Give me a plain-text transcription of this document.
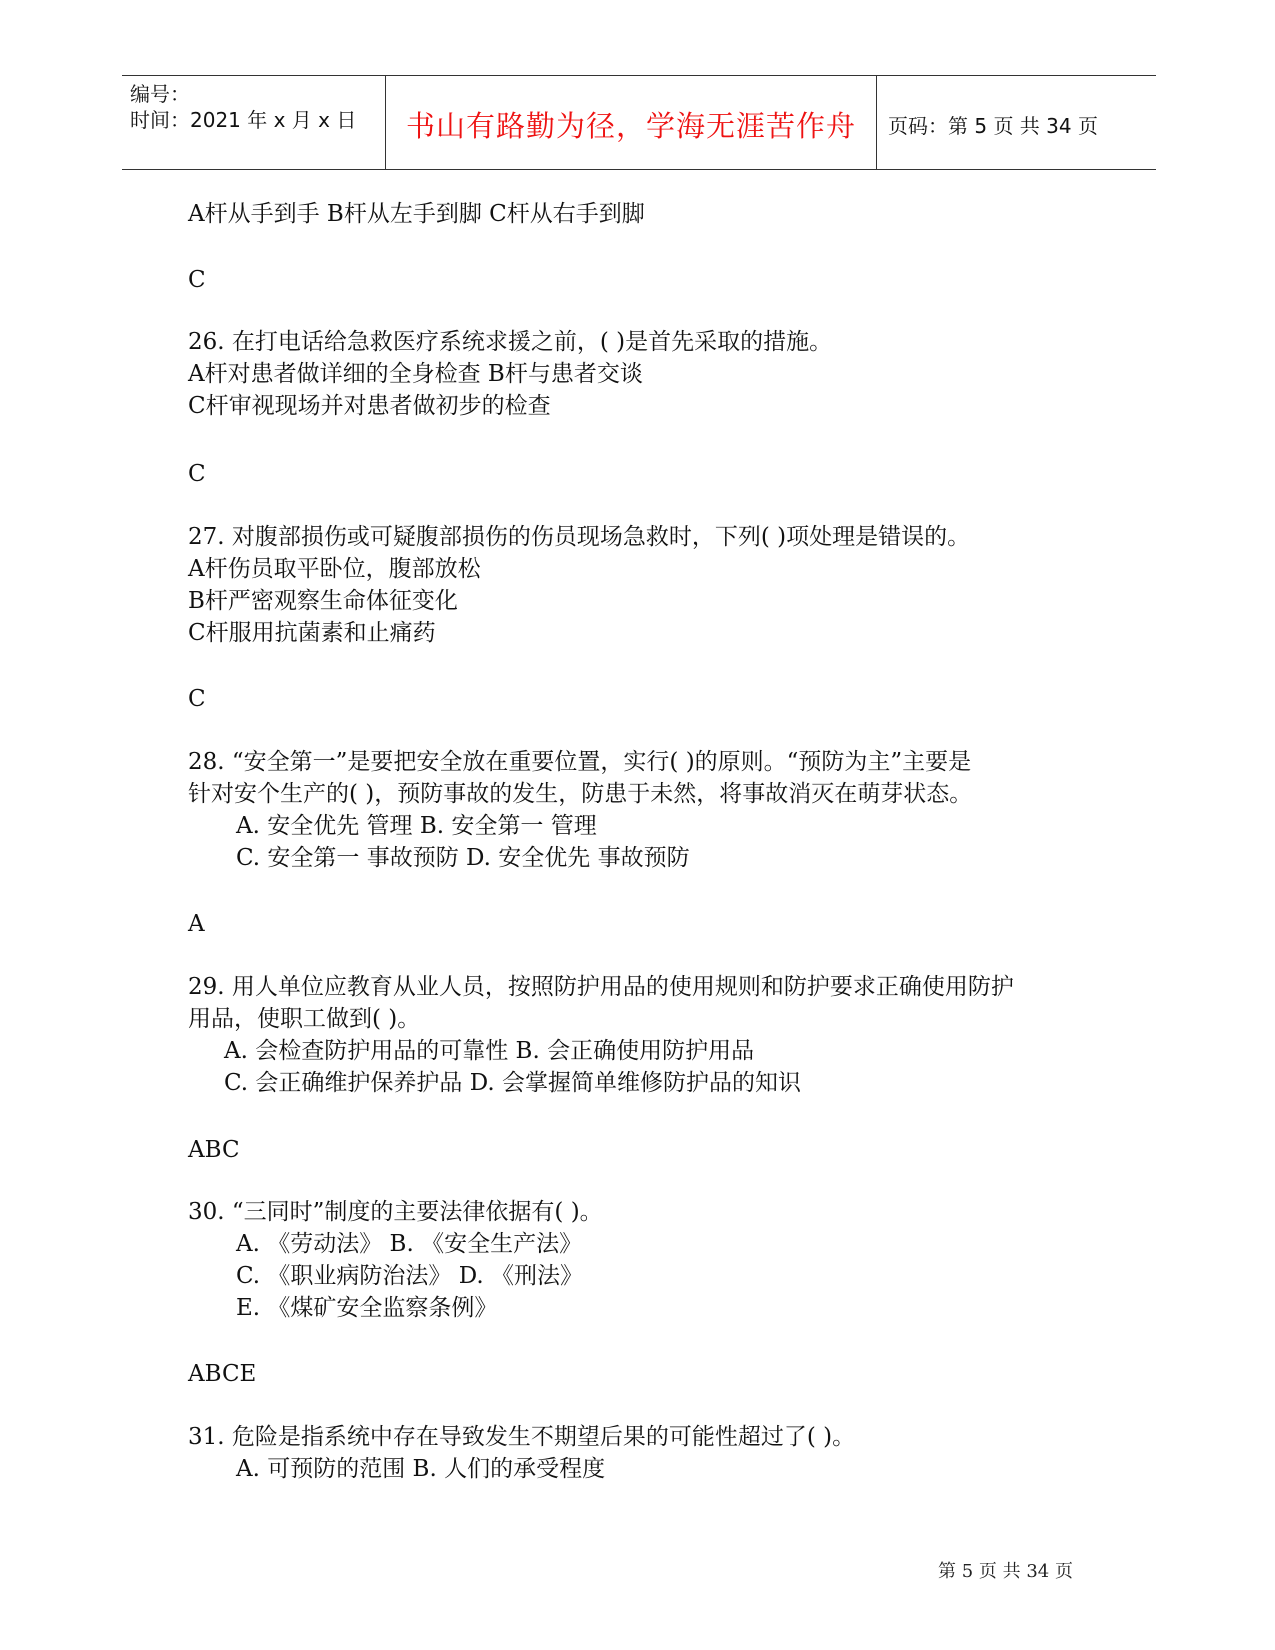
编号：
时间：2021 年 x 月 x 日	书山有路勤为径，学海无涯苦作舟	页码：第 5 页 共 34 页
A杆从手到手 B杆从左手到脚 C杆从右手到脚
C
26. 在打电话给急救医疗系统求援之前，( )是首先采取的措施。
A杆对患者做详细的全身检查 B杆与患者交谈
C杆审视现场并对患者做初步的检查
C
27. 对腹部损伤或可疑腹部损伤的伤员现场急救时，下列( )项处理是错误的。
A杆伤员取平卧位，腹部放松
B杆严密观察生命体征变化
C杆服用抗菌素和止痛药
C
28. “安全第一”是要把安全放在重要位置，实行( )的原则。“预防为主”主要是
针对安个生产的( )，预防事故的发生，防患于未然，将事故消灭在萌芽状态。
A. 安全优先 管理 B. 安全第一 管理
C. 安全第一 事故预防 D. 安全优先 事故预防
A
29. 用人单位应教育从业人员，按照防护用品的使用规则和防护要求正确使用防护
用品，使职工做到( )。
A. 会检查防护用品的可靠性 B. 会正确使用防护用品
C. 会正确维护保养护品 D. 会掌握简单维修防护品的知识
ABC
30. “三同时”制度的主要法律依据有( )。
A. 《劳动法》 B. 《安全生产法》
C. 《职业病防治法》 D. 《刑法》
E. 《煤矿安全监察条例》
ABCE
31. 危险是指系统中存在导致发生不期望后果的可能性超过了( )。
A. 可预防的范围 B. 人们的承受程度
第 5 页 共 34 页
